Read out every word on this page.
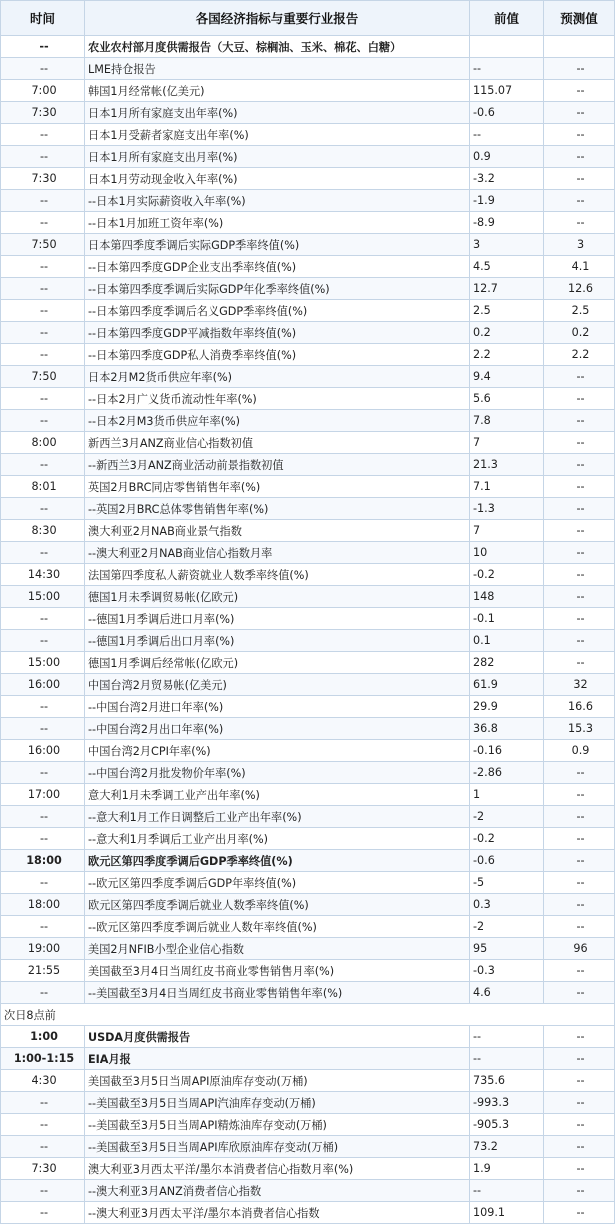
时间	各国经济指标与重要行业报告	前值	预测值
--	农业农村部月度供需报告（大豆、棕榈油、玉米、棉花、白糖）		
--	LME持仓报告	--	--
7:00	韩国1月经常帐(亿美元)	115.07	--
7:30	日本1月所有家庭支出年率(%)	-0.6	--
--	日本1月受薪者家庭支出年率(%)	--	--
--	日本1月所有家庭支出月率(%)	0.9	--
7:30	日本1月劳动现金收入年率(%)	-3.2	--
--	--日本1月实际薪资收入年率(%)	-1.9	--
--	--日本1月加班工资年率(%)	-8.9	--
7:50	日本第四季度季调后实际GDP季率终值(%)	3	3
--	--日本第四季度GDP企业支出季率终值(%)	4.5	4.1
--	--日本第四季度季调后实际GDP年化季率终值(%)	12.7	12.6
--	--日本第四季度季调后名义GDP季率终值(%)	2.5	2.5
--	--日本第四季度GDP平减指数年率终值(%)	0.2	0.2
--	--日本第四季度GDP私人消费季率终值(%)	2.2	2.2
7:50	日本2月M2货币供应年率(%)	9.4	--
--	--日本2月广义货币流动性年率(%)	5.6	--
--	--日本2月M3货币供应年率(%)	7.8	--
8:00	新西兰3月ANZ商业信心指数初值	7	--
--	--新西兰3月ANZ商业活动前景指数初值	21.3	--
8:01	英国2月BRC同店零售销售年率(%)	7.1	--
--	--英国2月BRC总体零售销售年率(%)	-1.3	--
8:30	澳大利亚2月NAB商业景气指数	7	--
--	--澳大利亚2月NAB商业信心指数月率	10	--
14:30	法国第四季度私人薪资就业人数季率终值(%)	-0.2	--
15:00	德国1月未季调贸易帐(亿欧元)	148	--
--	--德国1月季调后进口月率(%)	-0.1	--
--	--德国1月季调后出口月率(%)	0.1	--
15:00	德国1月季调后经常帐(亿欧元)	282	--
16:00	中国台湾2月贸易帐(亿美元)	61.9	32
--	--中国台湾2月进口年率(%)	29.9	16.6
--	--中国台湾2月出口年率(%)	36.8	15.3
16:00	中国台湾2月CPI年率(%)	-0.16	0.9
--	--中国台湾2月批发物价年率(%)	-2.86	--
17:00	意大利1月未季调工业产出年率(%)	1	--
--	--意大利1月工作日调整后工业产出年率(%)	-2	--
--	--意大利1月季调后工业产出月率(%)	-0.2	--
18:00	欧元区第四季度季调后GDP季率终值(%)	-0.6	--
--	--欧元区第四季度季调后GDP年率终值(%)	-5	--
18:00	欧元区第四季度季调后就业人数季率终值(%)	0.3	--
--	--欧元区第四季度季调后就业人数年率终值(%)	-2	--
19:00	美国2月NFIB小型企业信心指数	95	96
21:55	美国截至3月4日当周红皮书商业零售销售月率(%)	-0.3	--
--	--美国截至3月4日当周红皮书商业零售销售年率(%)	4.6	--
次日8点前			
1:00	USDA月度供需报告	--	--
1:00-1:15	EIA月报	--	--
4:30	美国截至3月5日当周API原油库存变动(万桶)	735.6	--
--	--美国截至3月5日当周API汽油库存变动(万桶)	-993.3	--
--	--美国截至3月5日当周API精炼油库存变动(万桶)	-905.3	--
--	--美国截至3月5日当周API库欣原油库存变动(万桶)	73.2	--
7:30	澳大利亚3月西太平洋/墨尔本消费者信心指数月率(%)	1.9	--
--	--澳大利亚3月ANZ消费者信心指数	--	--
--	--澳大利亚3月西太平洋/墨尔本消费者信心指数	109.1	--
